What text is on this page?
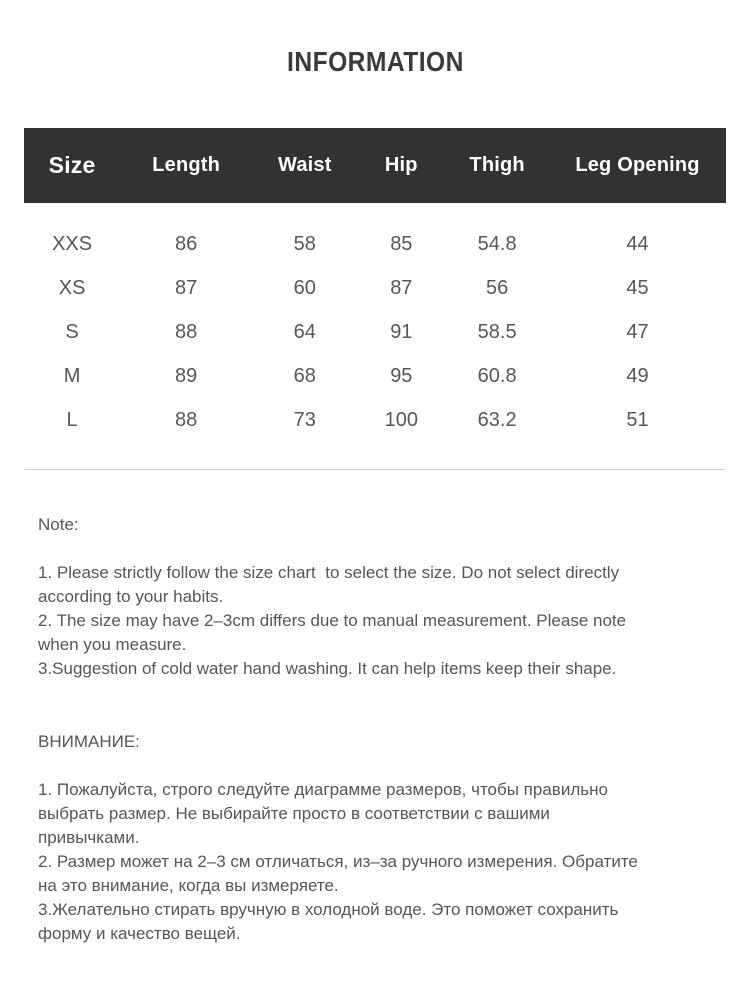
INFORMATION
Size	Length	Waist	Hip	Thigh	Leg Opening
XXS	86	58	85	54.8	44
XS	87	60	87	56	45
S	88	64	91	58.5	47
M	89	68	95	60.8	49
L	88	73	100	63.2	51
Note:
1. Please strictly follow the size chart  to select the size. Do not select directly
according to your habits.
2. The size may have 2–3cm differs due to manual measurement. Please note
when you measure.
3.Suggestion of cold water hand washing. It can help items keep their shape.
ВНИМАНИЕ:
1. Пожалуйста, строго следуйте диаграмме размеров, чтобы правильно
выбрать размер. Не выбирайте просто в соответствии с вашими
привычками.
2. Размер может на 2–3 см отличаться, из–за ручного измерения. Обратите
на это внимание, когда вы измеряете.
3.Желательно стирать вручную в холодной воде. Это поможет сохранить
форму и качество вещей.
